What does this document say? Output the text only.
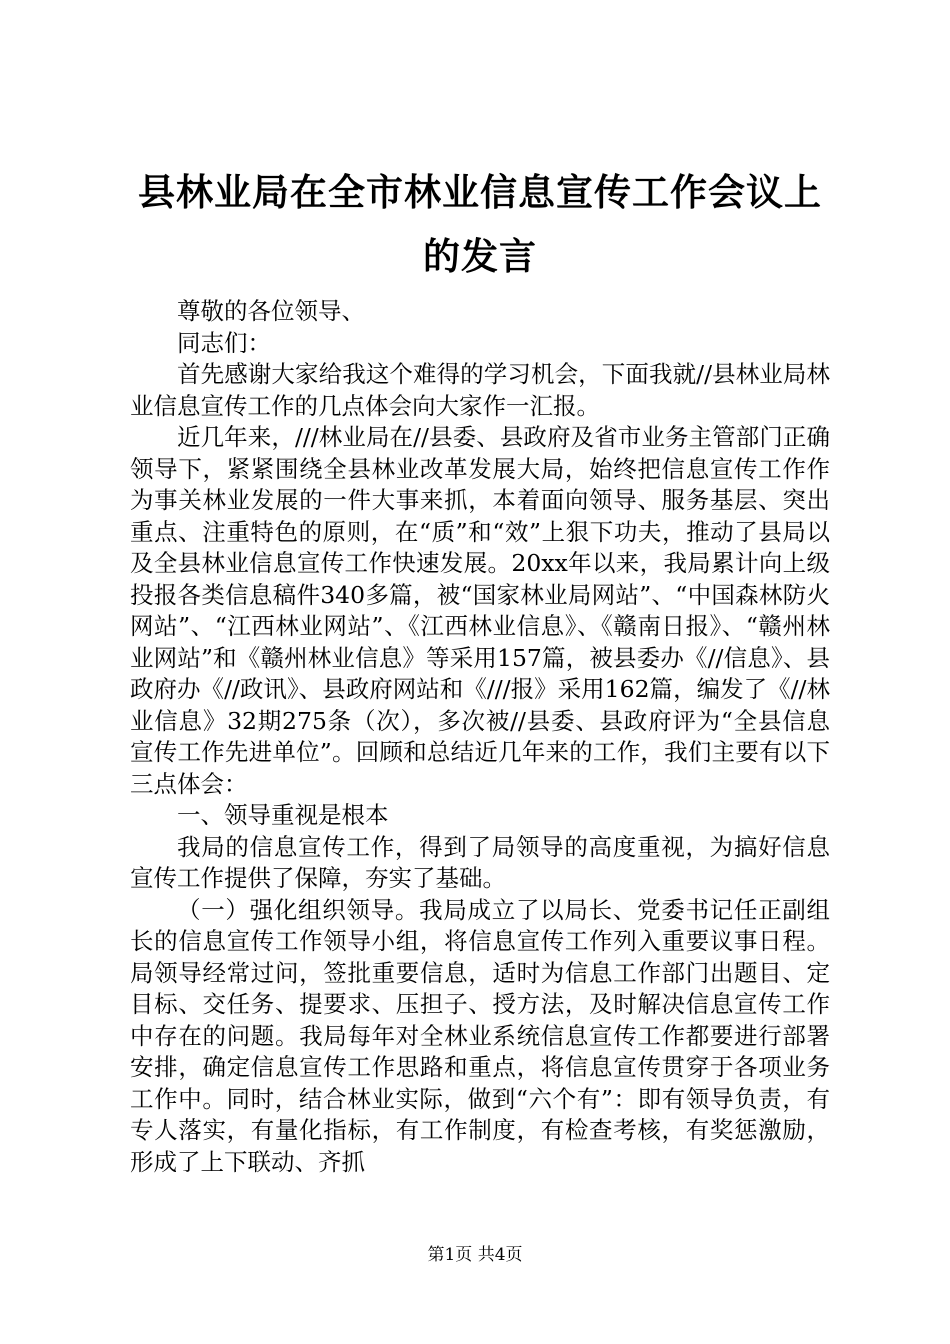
县林业局在全市林业信息宣传工作会议上的发言

尊敬的各位领导、

同志们：

首先感谢大家给我这个难得的学习机会，下面我就//县林业局林业信息宣传工作的几点体会向大家作一汇报。

近几年来，///林业局在//县委、县政府及省市业务主管部门正确领导下，紧紧围绕全县林业改革发展大局，始终把信息宣传工作作为事关林业发展的一件大事来抓，本着面向领导、服务基层、突出重点、注重特色的原则，在“质”和“效”上狠下功夫，推动了县局以及全县林业信息宣传工作快速发展。20xx年以来，我局累计向上级投报各类信息稿件340多篇，被“国家林业局网站”、“中国森林防火网站”、“江西林业网站”、《江西林业信息》、《赣南日报》、“赣州林业网站”和《赣州林业信息》等采用157篇，被县委办《//信息》、县政府办《//政讯》、县政府网站和《///报》采用162篇，编发了《//林业信息》32期275条（次），多次被//县委、县政府评为“全县信息宣传工作先进单位”。回顾和总结近几年来的工作，我们主要有以下三点体会：

一、领导重视是根本

我局的信息宣传工作，得到了局领导的高度重视，为搞好信息宣传工作提供了保障，夯实了基础。

（一）强化组织领导。我局成立了以局长、党委书记任正副组长的信息宣传工作领导小组，将信息宣传工作列入重要议事日程。局领导经常过问，签批重要信息，适时为信息工作部门出题目、定目标、交任务、提要求、压担子、授方法，及时解决信息宣传工作中存在的问题。我局每年对全林业系统信息宣传工作都要进行部署安排，确定信息宣传工作思路和重点，将信息宣传贯穿于各项业务工作中。同时，结合林业实际，做到“六个有”：即有领导负责，有专人落实，有量化指标，有工作制度，有检查考核，有奖惩激励，形成了上下联动、齐抓

第1页 共4页
